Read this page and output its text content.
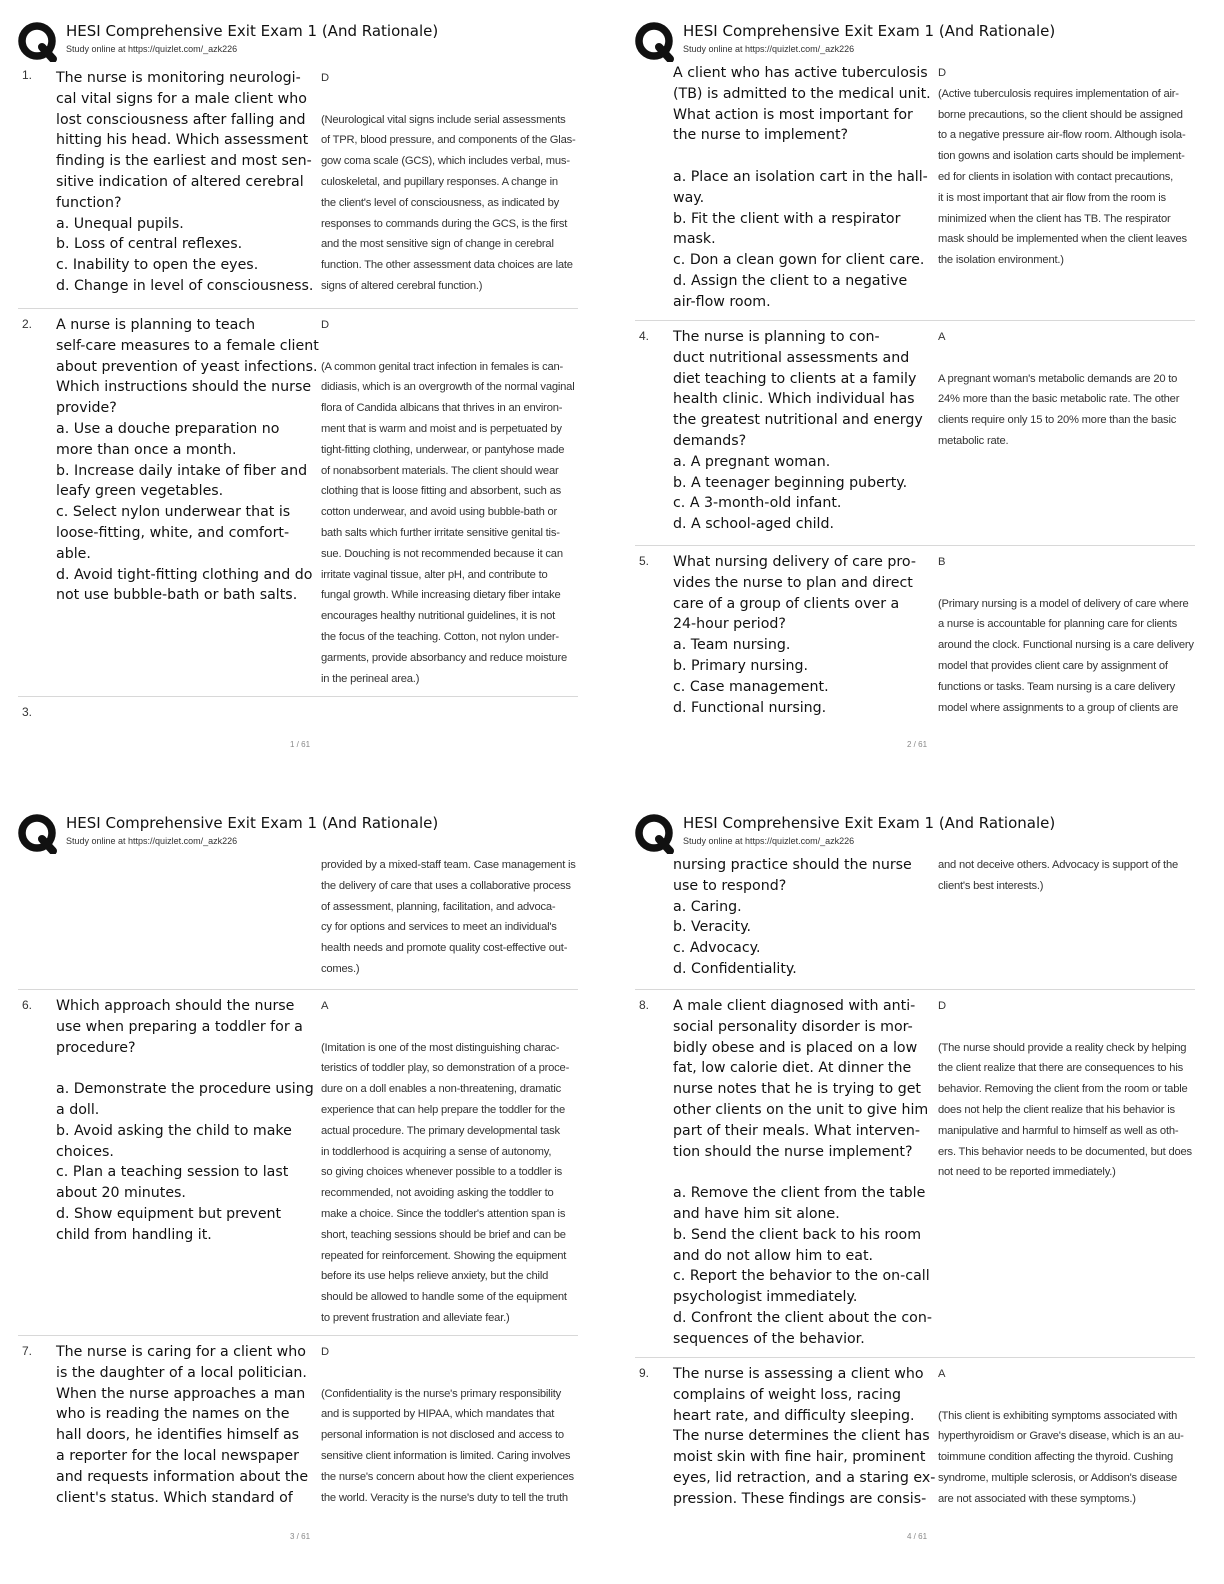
HESI Comprehensive Exit Exam 1 (And Rationale)
Study online at https://quizlet.com/_azk226
1. The nurse is monitoring neurologi-
cal vital signs for a male client who
lost consciousness after falling and
hitting his head. Which assessment
finding is the earliest and most sen-
sitive indication of altered cerebral
function?
a. Unequal pupils.
b. Loss of central reflexes.
c. Inability to open the eyes.
d. Change in level of consciousness.
D
(Neurological vital signs include serial assessments
of TPR, blood pressure, and components of the Glas-
gow coma scale (GCS), which includes verbal, mus-
culoskeletal, and pupillary responses. A change in
the client's level of consciousness, as indicated by
responses to commands during the GCS, is the first
and the most sensitive sign of change in cerebral
function. The other assessment data choices are late
signs of altered cerebral function.)
2. A nurse is planning to teach
self-care measures to a female client
about prevention of yeast infections.
Which instructions should the nurse
provide?
a. Use a douche preparation no
more than once a month.
b. Increase daily intake of fiber and
leafy green vegetables.
c. Select nylon underwear that is
loose-fitting, white, and comfort-
able.
d. Avoid tight-fitting clothing and do
not use bubble-bath or bath salts.
D
(A common genital tract infection in females is can-
didiasis, which is an overgrowth of the normal vaginal
flora of Candida albicans that thrives in an environ-
ment that is warm and moist and is perpetuated by
tight-fitting clothing, underwear, or pantyhose made
of nonabsorbent materials. The client should wear
clothing that is loose fitting and absorbent, such as
cotton underwear, and avoid using bubble-bath or
bath salts which further irritate sensitive genital tis-
sue. Douching is not recommended because it can
irritate vaginal tissue, alter pH, and contribute to
fungal growth. While increasing dietary fiber intake
encourages healthy nutritional guidelines, it is not
the focus of the teaching. Cotton, not nylon under-
garments, provide absorbancy and reduce moisture
in the perineal area.)
3.
1 / 61
HESI Comprehensive Exit Exam 1 (And Rationale)
Study online at https://quizlet.com/_azk226
A client who has active tuberculosis
(TB) is admitted to the medical unit.
What action is most important for
the nurse to implement?
a. Place an isolation cart in the hall-
way.
b. Fit the client with a respirator
mask.
c. Don a clean gown for client care.
d. Assign the client to a negative
air-flow room.
D
(Active tuberculosis requires implementation of air-
borne precautions, so the client should be assigned
to a negative pressure air-flow room. Although isola-
tion gowns and isolation carts should be implement-
ed for clients in isolation with contact precautions,
it is most important that air flow from the room is
minimized when the client has TB. The respirator
mask should be implemented when the client leaves
the isolation environment.)
4. The nurse is planning to con-
duct nutritional assessments and
diet teaching to clients at a family
health clinic. Which individual has
the greatest nutritional and energy
demands?
a. A pregnant woman.
b. A teenager beginning puberty.
c. A 3-month-old infant.
d. A school-aged child.
A
A pregnant woman's metabolic demands are 20 to
24% more than the basic metabolic rate. The other
clients require only 15 to 20% more than the basic
metabolic rate.
5. What nursing delivery of care pro-
vides the nurse to plan and direct
care of a group of clients over a
24-hour period?
a. Team nursing.
b. Primary nursing.
c. Case management.
d. Functional nursing.
B
(Primary nursing is a model of delivery of care where
a nurse is accountable for planning care for clients
around the clock. Functional nursing is a care delivery
model that provides client care by assignment of
functions or tasks. Team nursing is a care delivery
model where assignments to a group of clients are
2 / 61
HESI Comprehensive Exit Exam 1 (And Rationale)
Study online at https://quizlet.com/_azk226
provided by a mixed-staff team. Case management is
the delivery of care that uses a collaborative process
of assessment, planning, facilitation, and advoca-
cy for options and services to meet an individual's
health needs and promote quality cost-effective out-
comes.)
6. Which approach should the nurse
use when preparing a toddler for a
procedure?
a. Demonstrate the procedure using
a doll.
b. Avoid asking the child to make
choices.
c. Plan a teaching session to last
about 20 minutes.
d. Show equipment but prevent
child from handling it.
A
(Imitation is one of the most distinguishing charac-
teristics of toddler play, so demonstration of a proce-
dure on a doll enables a non-threatening, dramatic
experience that can help prepare the toddler for the
actual procedure. The primary developmental task
in toddlerhood is acquiring a sense of autonomy,
so giving choices whenever possible to a toddler is
recommended, not avoiding asking the toddler to
make a choice. Since the toddler's attention span is
short, teaching sessions should be brief and can be
repeated for reinforcement. Showing the equipment
before its use helps relieve anxiety, but the child
should be allowed to handle some of the equipment
to prevent frustration and alleviate fear.)
7. The nurse is caring for a client who
is the daughter of a local politician.
When the nurse approaches a man
who is reading the names on the
hall doors, he identifies himself as
a reporter for the local newspaper
and requests information about the
client's status. Which standard of
D
(Confidentiality is the nurse's primary responsibility
and is supported by HIPAA, which mandates that
personal information is not disclosed and access to
sensitive client information is limited. Caring involves
the nurse's concern about how the client experiences
the world. Veracity is the nurse's duty to tell the truth
3 / 61
HESI Comprehensive Exit Exam 1 (And Rationale)
Study online at https://quizlet.com/_azk226
nursing practice should the nurse
use to respond?
a. Caring.
b. Veracity.
c. Advocacy.
d. Confidentiality.
and not deceive others. Advocacy is support of the
client's best interests.)
8. A male client diagnosed with anti-
social personality disorder is mor-
bidly obese and is placed on a low
fat, low calorie diet. At dinner the
nurse notes that he is trying to get
other clients on the unit to give him
part of their meals. What interven-
tion should the nurse implement?
a. Remove the client from the table
and have him sit alone.
b. Send the client back to his room
and do not allow him to eat.
c. Report the behavior to the on-call
psychologist immediately.
d. Confront the client about the con-
sequences of the behavior.
D
(The nurse should provide a reality check by helping
the client realize that there are consequences to his
behavior. Removing the client from the room or table
does not help the client realize that his behavior is
manipulative and harmful to himself as well as oth-
ers. This behavior needs to be documented, but does
not need to be reported immediately.)
9. The nurse is assessing a client who
complains of weight loss, racing
heart rate, and difficulty sleeping.
The nurse determines the client has
moist skin with fine hair, prominent
eyes, lid retraction, and a staring ex-
pression. These findings are consis-
A
(This client is exhibiting symptoms associated with
hyperthyroidism or Grave's disease, which is an au-
toimmune condition affecting the thyroid. Cushing
syndrome, multiple sclerosis, or Addison's disease
are not associated with these symptoms.)
4 / 61
